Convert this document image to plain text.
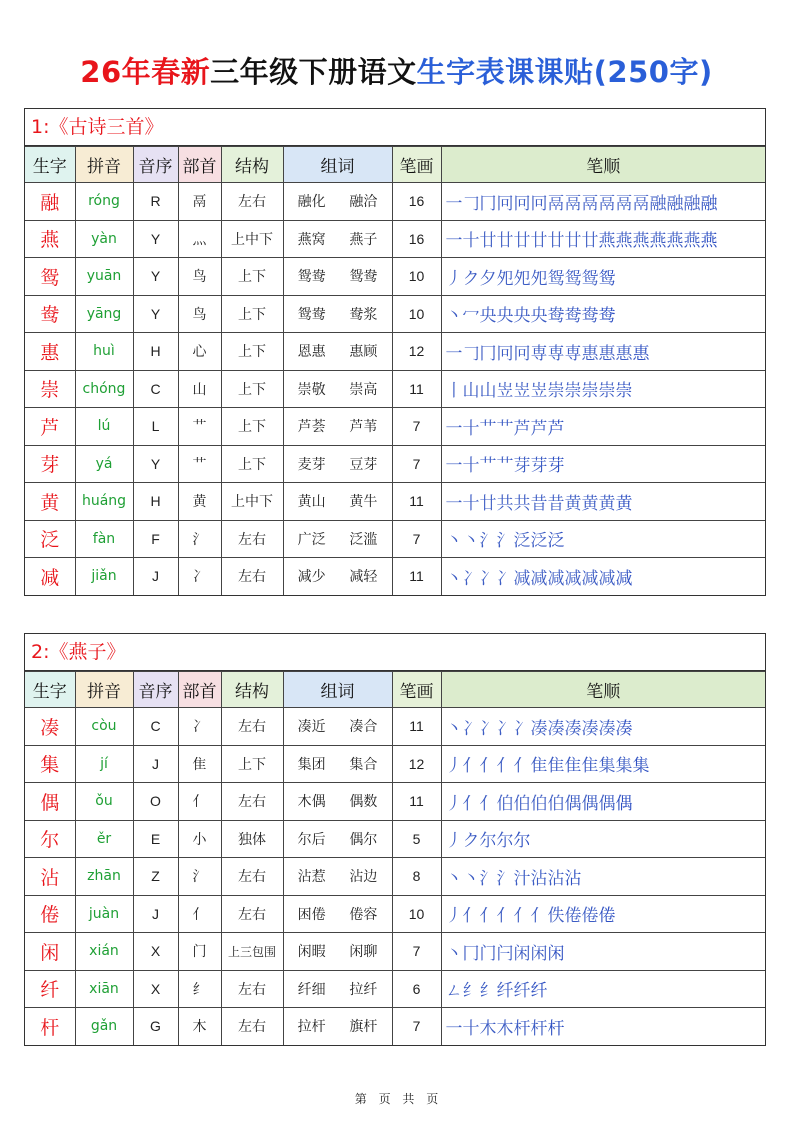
26年春新三年级下册语文生字表课课贴(250字)
1:《古诗三首》
生字	拼音	音序	部首	结构	组词	笔画	笔顺
融	róng	R	鬲	左右	融化 融洽	16	一𠃌冂冋冋冋鬲鬲鬲鬲鬲鬲融融融融
燕	yàn	Y	灬	上中下	燕窝 燕子	16	一十廿廿廿廿廿廿廿燕燕燕燕燕燕燕
鸳	yuān	Y	鸟	上下	鸳鸯 鸳鸯	10	丿ク夕夗夗夗鸳鸳鸳鸳
鸯	yāng	Y	鸟	上下	鸳鸯 鸯浆	10	丶冖央央央央鸯鸯鸯鸯
惠	huì	H	心	上下	恩惠 惠顾	12	一𠃌冂冋冋専専専惠惠惠惠
崇	chóng	C	山	上下	崇敬 崇高	11	丨山山岦岦岦崇崇崇崇崇
芦	lú	L	艹	上下	芦荟 芦苇	7	一十艹艹芦芦芦
芽	yá	Y	艹	上下	麦芽 豆芽	7	一十艹艹芽芽芽
黄	huáng	H	黄	上中下	黄山 黄牛	11	一十廿共共昔昔黄黄黄黄
泛	fàn	F	氵	左右	广泛 泛滥	7	丶丶氵氵泛泛泛
减	jiǎn	J	冫	左右	减少 减轻	11	丶冫冫冫减减减减减减减
2:《燕子》
生字	拼音	音序	部首	结构	组词	笔画	笔顺
凑	còu	C	冫	左右	凑近 凑合	11	丶冫冫冫冫凑凑凑凑凑凑
集	jí	J	隹	上下	集团 集合	12	丿亻亻亻亻隹隹隹隹集集集
偶	ǒu	O	亻	左右	木偶 偶数	11	丿亻亻伯伯伯伯偶偶偶偶
尔	ěr	E	小	独体	尔后 偶尔	5	丿ク尔尔尔
沾	zhān	Z	氵	左右	沾惹 沾边	8	丶丶氵氵汁沾沾沾
倦	juàn	J	亻	左右	困倦 倦容	10	丿亻亻亻亻亻佚倦倦倦
闲	xián	X	门	上三包围	闲暇 闲聊	7	丶冂门闩闲闲闲
纤	xiān	X	纟	左右	纤细 拉纤	6	ㄥ纟纟纤纤纤
杆	gǎn	G	木	左右	拉杆 旗杆	7	一十木木杆杆杆
第 页 共 页
